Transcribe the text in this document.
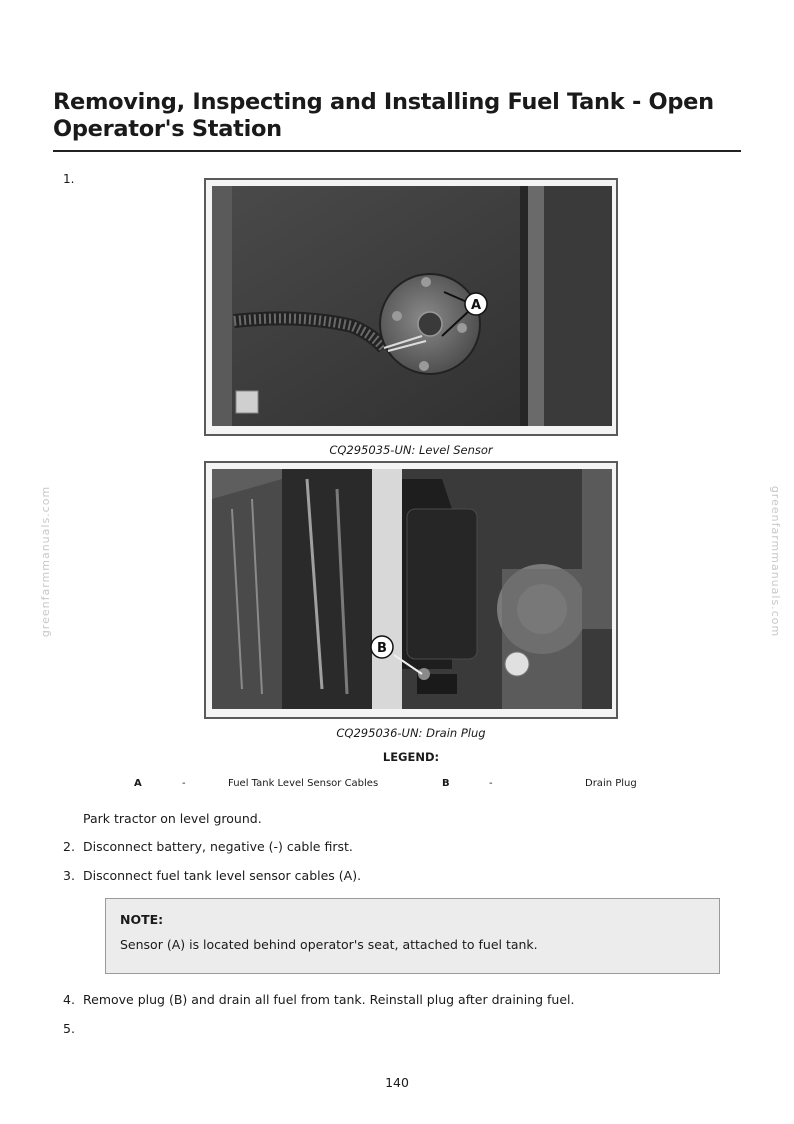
Removing, Inspecting and Installing Fuel Tank - Open
Operator's Station
1.
A
CQ295035-UN: Level Sensor
B
CQ295036-UN: Drain Plug
LEGEND:
A	-	Fuel Tank Level Sensor Cables	B	-	Drain Plug
Park tractor on level ground.
2. Disconnect battery, negative (-) cable first.
3. Disconnect fuel tank level sensor cables (A).
NOTE:
Sensor (A) is located behind operator's seat, attached to fuel tank.
4. Remove plug (B) and drain all fuel from tank. Reinstall plug after draining fuel.
5.
greenfarmmanuals.com	greenfarmmanuals.com
140
